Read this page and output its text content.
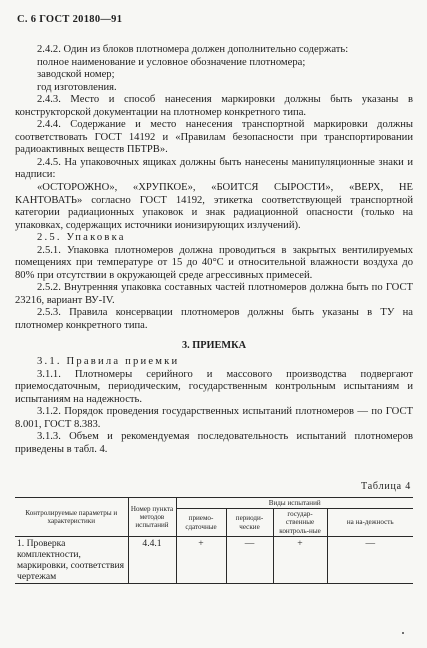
С. 6 ГОСТ 20180—91

2.4.2. Один из блоков плотномера должен дополнительно содержать:

полное наименование и условное обозначение плотномера;

заводской номер;

год изготовления.

2.4.3. Место и способ нанесения маркировки должны быть указаны в конструкторской документации на плотномер конкретного типа.

2.4.4. Содержание и место нанесения транспортной маркировки должны соответствовать ГОСТ 14192 и «Правилам безопасности при транспортировании радиоактивных веществ ПБТРВ».

2.4.5. На упаковочных ящиках должны быть нанесены манипуляционные знаки и надписи:

«ОСТОРОЖНО», «ХРУПКОЕ», «БОИТСЯ СЫРОСТИ», «ВЕРХ, НЕ КАНТОВАТЬ» согласно ГОСТ 14192, этикетка соответствующей транспортной категории радиационных упаковок и знак радиационной опасности (только на упаковках, содержащих источники ионизирующих излучений).

2.5. Упаковка

2.5.1. Упаковка плотномеров должна проводиться в закрытых вентилируемых помещениях при температуре от 15 до 40°C и относительной влажности воздуха до 80% при отсутствии в окружающей среде агрессивных примесей.

2.5.2. Внутренняя упаковка составных частей плотномеров должна быть по ГОСТ 23216, вариант ВУ-IV.

2.5.3. Правила консервации плотномеров должны быть указаны в ТУ на плотномер конкретного типа.

3. ПРИЕМКА

3.1. Правила приемки

3.1.1. Плотномеры серийного и массового производства подвергают приемосдаточным, периодическим, государственным контрольным испытаниям и испытаниям на надежность.

3.1.2. Порядок проведения государственных испытаний плотномеров — по ГОСТ 8.001, ГОСТ 8.383.

3.1.3. Объем и рекомендуемая последовательность испытаний плотномеров приведены в табл. 4.

Таблица 4
Контролируемые параметры и характеристики	Номер пункта методов испытаний	Виды испытаний			
		приемо-сдаточные	периоди-ческие	государ-ственные контроль-ные	на на-дежность
1. Проверка комплектности, маркировки, соответствия чертежам	4.4.1	+	—	+	—
